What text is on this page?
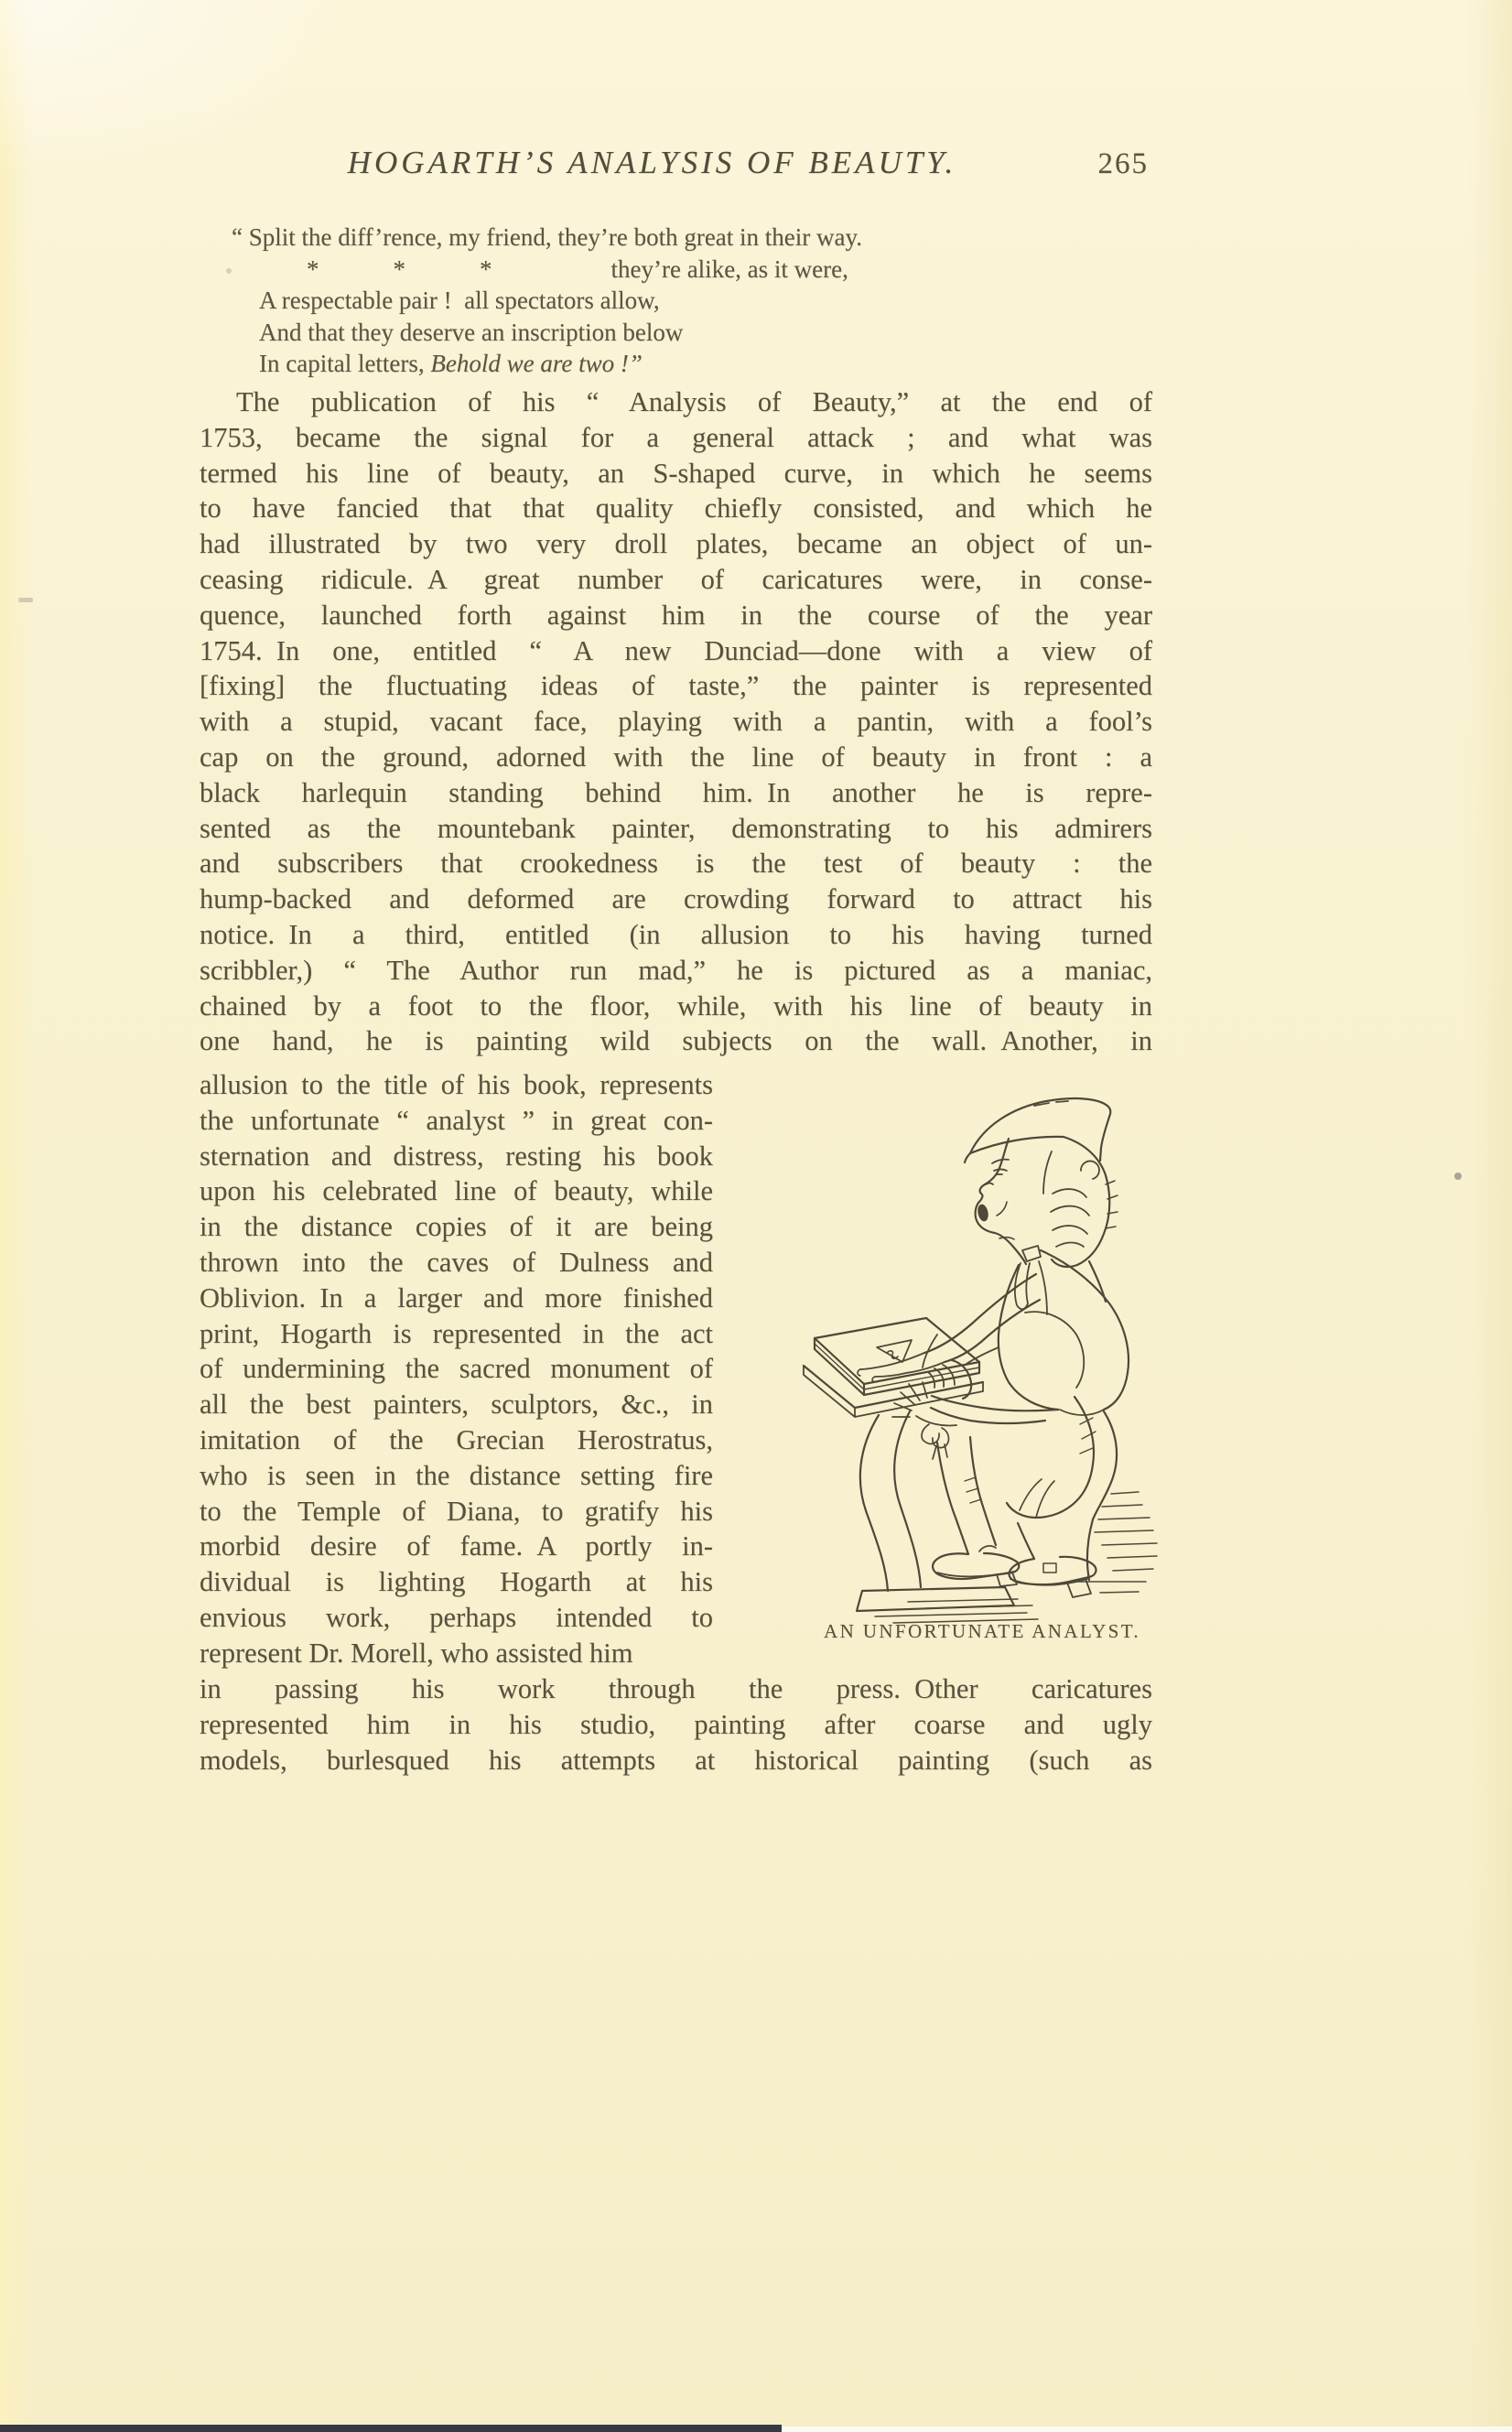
HOGARTH’S ANALYSIS OF BEAUTY.	265
“ Split the diff’rence, my friend, they’re both great in their way.
*            *            *	they’re alike, as it were,
A respectable pair ! all spectators allow,
And that they deserve an inscription below
In capital letters, Behold we are two !”
The publication of his “ Analysis of Beauty,” at the end of
1753, became the signal for a general attack ; and what was
termed his line of beauty, an S-shaped curve, in which he seems
to have fancied that that quality chiefly consisted, and which he
had illustrated by two very droll plates, became an object of un-
ceasing ridicule. A great number of caricatures were, in conse-
quence, launched forth against him in the course of the year
1754. In one, entitled “ A new Dunciad—done with a view of
[fixing] the fluctuating ideas of taste,” the painter is represented
with a stupid, vacant face, playing with a pantin, with a fool’s
cap on the ground, adorned with the line of beauty in front : a
black harlequin standing behind him. In another he is repre-
sented as the mountebank painter, demonstrating to his admirers
and subscribers that crookedness is the test of beauty : the
hump-backed and deformed are crowding forward to attract his
notice. In a third, entitled (in allusion to his having turned
scribbler,) “ The Author run mad,” he is pictured as a maniac,
chained by a foot to the floor, while, with his line of beauty in
one hand, he is painting wild subjects on the wall. Another, in
allusion to the title of his book, represents
the unfortunate “ analyst ” in great con-
sternation and distress, resting his book
upon his celebrated line of beauty, while
in the distance copies of it are being
thrown into the caves of Dulness and
Oblivion. In a larger and more finished
print, Hogarth is represented in the act
of undermining the sacred monument of
all the best painters, sculptors, &c., in
imitation of the Grecian Herostratus,
who is seen in the distance setting fire
to the Temple of Diana, to gratify his
morbid desire of fame. A portly in-
dividual is lighting Hogarth at his
envious work, perhaps intended to
represent Dr. Morell, who assisted him
AN UNFORTUNATE ANALYST.
in passing his work through the press. Other caricatures
represented him in his studio, painting after coarse and ugly
models, burlesqued his attempts at historical painting (such as
